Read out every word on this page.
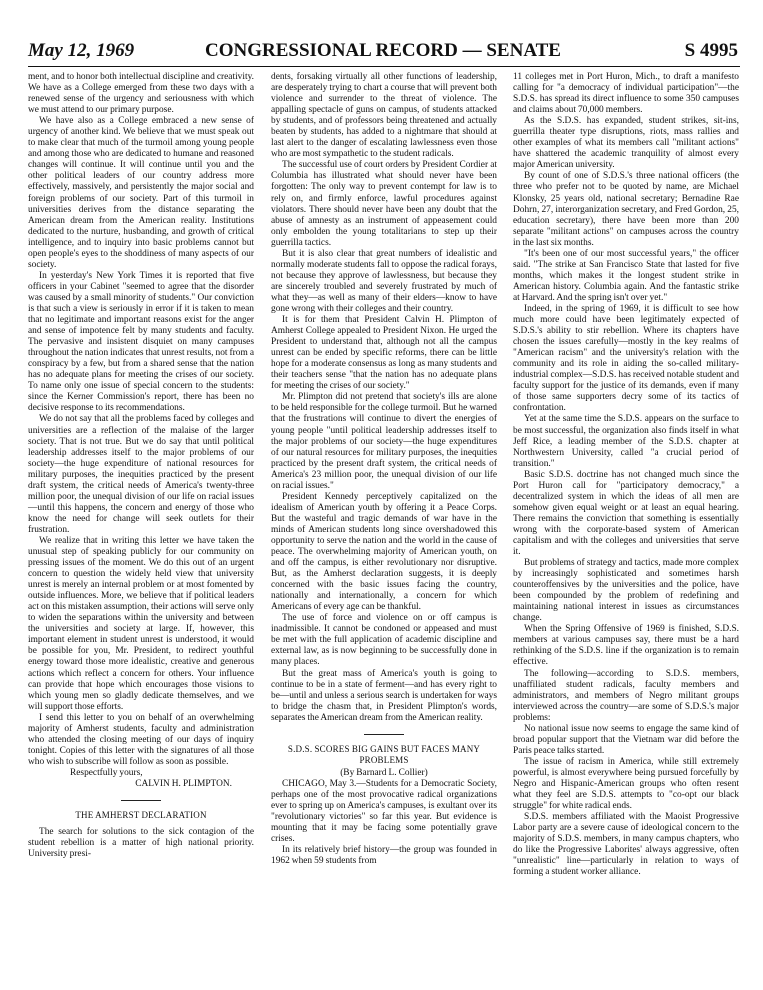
May 12, 1969	CONGRESSIONAL RECORD — SENATE	S 4995

ment, and to honor both intellectual discipline and creativity. We have as a College emerged from these two days with a renewed sense of the urgency and seriousness with which we must attend to our primary purpose.

We have also as a College embraced a new sense of urgency of another kind. We believe that we must speak out to make clear that much of the turmoil among young people and among those who are dedicated to humane and reasoned changes will continue. It will continue until you and the other political leaders of our country address more effectively, massively, and persistently the major social and foreign problems of our society. Part of this turmoil in universities derives from the distance separating the American dream from the American reality. Institutions dedicated to the nurture, husbanding, and growth of critical intelligence, and to inquiry into basic problems cannot but open people's eyes to the shoddiness of many aspects of our society.

In yesterday's New York Times it is reported that five officers in your Cabinet "seemed to agree that the disorder was caused by a small minority of students." Our conviction is that such a view is seriously in error if it is taken to mean that no legitimate and important reasons exist for the anger and sense of impotence felt by many students and faculty. The pervasive and insistent disquiet on many campuses throughout the nation indicates that unrest results, not from a conspiracy by a few, but from a shared sense that the nation has no adequate plans for meeting the crises of our society. To name only one issue of special concern to the students: since the Kerner Commission's report, there has been no decisive response to its recommendations.

We do not say that all the problems faced by colleges and universities are a reflection of the malaise of the larger society. That is not true. But we do say that until political leadership addresses itself to the major problems of our society—the huge expenditure of national resources for military purposes, the inequities practiced by the present draft system, the critical needs of America's twenty-three million poor, the unequal division of our life on racial issues—until this happens, the concern and energy of those who know the need for change will seek outlets for their frustration.

We realize that in writing this letter we have taken the unusual step of speaking publicly for our community on pressing issues of the moment. We do this out of an urgent concern to question the widely held view that university unrest is merely an internal problem or at most fomented by outside influences. More, we believe that if political leaders act on this mistaken assumption, their actions will serve only to widen the separations within the university and between the universities and society at large. If, however, this important element in student unrest is understood, it would be possible for you, Mr. President, to redirect youthful energy toward those more idealistic, creative and generous actions which reflect a concern for others. Your influence can provide that hope which encourages those visions to which young men so gladly dedicate themselves, and we will support those efforts.

I send this letter to you on behalf of an overwhelming majority of Amherst students, faculty and administration who attended the closing meeting of our days of inquiry tonight. Copies of this letter with the signatures of all those who wish to subscribe will follow as soon as possible.

Respectfully yours,

CALVIN H. PLIMPTON.

THE AMHERST DECLARATION

The search for solutions to the sick contagion of the student rebellion is a matter of high national priority. University presi-

dents, forsaking virtually all other functions of leadership, are desperately trying to chart a course that will prevent both violence and surrender to the threat of violence. The appalling spectacle of guns on campus, of students attacked by students, and of professors being threatened and actually beaten by students, has added to a nightmare that should at last alert to the danger of escalating lawlessness even those who are most sympathetic to the student radicals.

The successful use of court orders by President Cordier at Columbia has illustrated what should never have been forgotten: The only way to prevent contempt for law is to rely on, and firmly enforce, lawful procedures against violators. There should never have been any doubt that the abuse of amnesty as an instrument of appeasement could only embolden the young totalitarians to step up their guerrilla tactics.

But it is also clear that great numbers of idealistic and normally moderate students fall to oppose the radical forays, not because they approve of lawlessness, but because they are sincerely troubled and severely frustrated by much of what they—as well as many of their elders—know to have gone wrong with their colleges and their country.

It is for them that President Calvin H. Plimpton of Amherst College appealed to President Nixon. He urged the President to understand that, although not all the campus unrest can be ended by specific reforms, there can be little hope for a moderate consensus as long as many students and their teachers sense "that the nation has no adequate plans for meeting the crises of our society."

Mr. Plimpton did not pretend that society's ills are alone to be held responsible for the college turmoil. But he warned that the frustrations will continue to divert the energies of young people "until political leadership addresses itself to the major problems of our society—the huge expenditures of our natural resources for military purposes, the inequities practiced by the present draft system, the critical needs of America's 23 million poor, the unequal division of our life on racial issues."

President Kennedy perceptively capitalized on the idealism of American youth by offering it a Peace Corps. But the wasteful and tragic demands of war have in the minds of American students long since overshadowed this opportunity to serve the nation and the world in the cause of peace. The overwhelming majority of American youth, on and off the campus, is either revolutionary nor disruptive. But, as the Amherst declaration suggests, it is deeply concerned with the basic issues facing the country, nationally and internationally, a concern for which Americans of every age can be thankful.

The use of force and violence on or off campus is inadmissible. It cannot be condoned or appeased and must be met with the full application of academic discipline and external law, as is now beginning to be successfully done in many places.

But the great mass of America's youth is going to continue to be in a state of ferment—and has every right to be—until and unless a serious search is undertaken for ways to bridge the chasm that, in President Plimpton's words, separates the American dream from the American reality.

S.D.S. SCORES BIG GAINS BUT FACES MANY

PROBLEMS

(By Barnard L. Collier)

CHICAGO, May 3.—Students for a Democratic Society, perhaps one of the most provocative radical organizations ever to spring up on America's campuses, is exultant over its "revolutionary victories" so far this year. But evidence is mounting that it may be facing some potentially grave crises.

In its relatively brief history—the group was founded in 1962 when 59 students from

11 colleges met in Port Huron, Mich., to draft a manifesto calling for "a democracy of individual participation"—the S.D.S. has spread its direct influence to some 350 campuses and claims about 70,000 members.

As the S.D.S. has expanded, student strikes, sit-ins, guerrilla theater type disruptions, riots, mass rallies and other examples of what its members call "militant actions" have shattered the academic tranquility of almost every major American university.

By count of one of S.D.S.'s three national officers (the three who prefer not to be quoted by name, are Michael Klonsky, 25 years old, national secretary; Bernadine Rae Dohrn, 27, interorganization secretary, and Fred Gordon, 25, education secretary), there have been more than 200 separate "militant actions" on campuses across the country in the last six months.

"It's been one of our most successful years," the officer said. "The strike at San Francisco State that lasted for five months, which makes it the longest student strike in American history. Columbia again. And the fantastic strike at Harvard. And the spring isn't over yet."

Indeed, in the spring of 1969, it is difficult to see how much more could have been legitimately expected of S.D.S.'s ability to stir rebellion. Where its chapters have chosen the issues carefully—mostly in the key realms of "American racism" and the university's relation with the community and its role in aiding the so-called military-industrial complex—S.D.S. has received notable student and faculty support for the justice of its demands, even if many of those same supporters decry some of its tactics of confrontation.

Yet at the same time the S.D.S. appears on the surface to be most successful, the organization also finds itself in what Jeff Rice, a leading member of the S.D.S. chapter at Northwestern University, called "a crucial period of transition."

Basic S.D.S. doctrine has not changed much since the Port Huron call for "participatory democracy," a decentralized system in which the ideas of all men are somehow given equal weight or at least an equal hearing. There remains the conviction that something is essentially wrong with the corporate-based system of American capitalism and with the colleges and universities that serve it.

But problems of strategy and tactics, made more complex by increasingly sophisticated and sometimes harsh counteroffensives by the universities and the police, have been compounded by the problem of redefining and maintaining national interest in issues as circumstances change.

When the Spring Offensive of 1969 is finished, S.D.S. members at various campuses say, there must be a hard rethinking of the S.D.S. line if the organization is to remain effective.

The following—according to S.D.S. members, unaffiliated student radicals, faculty members and administrators, and members of Negro militant groups interviewed across the country—are some of S.D.S.'s major problems:

No national issue now seems to engage the same kind of broad popular support that the Vietnam war did before the Paris peace talks started.

The issue of racism in America, while still extremely powerful, is almost everywhere being pursued forcefully by Negro and Hispanic-American groups who often resent what they feel are S.D.S. attempts to "co-opt our black struggle" for white radical ends.

S.D.S. members affiliated with the Maoist Progressive Labor party are a severe cause of ideological concern to the majority of S.D.S. members, in many campus chapters, who do like the Progressive Laborites' always aggressive, often "unrealistic" line—particularly in relation to ways of forming a student worker alliance.
